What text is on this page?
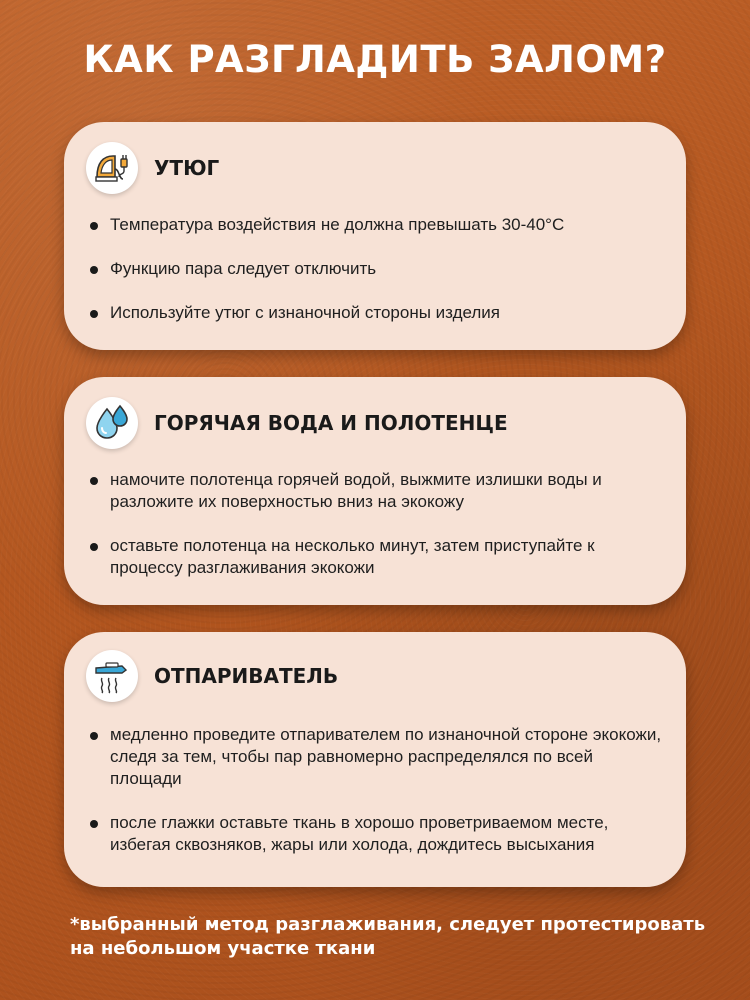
КАК РАЗГЛАДИТЬ ЗАЛОМ?
УТЮГ
Температура воздействия не должна превышать 30-40°С
Функцию пара следует отключить
Используйте утюг с изнаночной стороны изделия
ГОРЯЧАЯ ВОДА И ПОЛОТЕНЦЕ
намочите полотенца горячей водой, выжмите излишки воды и разложите их поверхностью вниз на экокожу
оставьте полотенца на несколько минут, затем приступайте к процессу разглаживания экокожи
ОТПАРИВАТЕЛЬ
медленно проведите отпаривателем по изнаночной стороне экокожи, следя за тем, чтобы пар равномерно распределялся по всей площади
после глажки оставьте ткань в хорошо проветриваемом месте, избегая сквозняков, жары или холода, дождитесь высыхания
*выбранный метод разглаживания, следует протестировать на небольшом участке ткани
